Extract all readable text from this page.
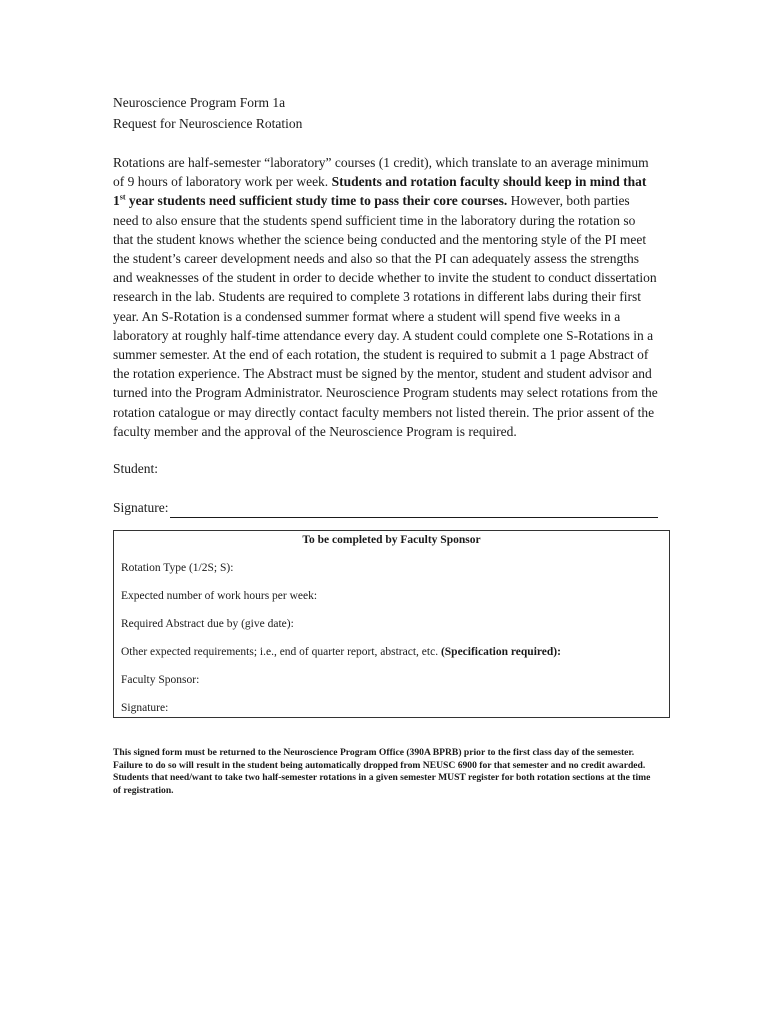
Neuroscience Program Form 1a

Request for Neuroscience Rotation

Rotations are half-semester “laboratory” courses (1 credit), which translate to an average minimum of 9 hours of laboratory work per week. Students and rotation faculty should keep in mind that 1st year students need sufficient study time to pass their core courses. However, both parties need to also ensure that the students spend sufficient time in the laboratory during the rotation so that the student knows whether the science being conducted and the mentoring style of the PI meet the student’s career development needs and also so that the PI can adequately assess the strengths and weaknesses of the student in order to decide whether to invite the student to conduct dissertation research in the lab. Students are required to complete 3 rotations in different labs during their first year. An S-Rotation is a condensed summer format where a student will spend five weeks in a laboratory at roughly half-time attendance every day. A student could complete one S-Rotations in a summer semester. At the end of each rotation, the student is required to submit a 1 page Abstract of the rotation experience. The Abstract must be signed by the mentor, student and student advisor and turned into the Program Administrator. Neuroscience Program students may select rotations from the rotation catalogue or may directly contact faculty members not listed therein. The prior assent of the faculty member and the approval of the Neuroscience Program is required.

Student:

Signature:

To be completed by Faculty Sponsor

Rotation Type (1/2S; S):

Expected number of work hours per week:

Required Abstract due by (give date):

Other expected requirements; i.e., end of quarter report, abstract, etc. (Specification required):

Faculty Sponsor:

Signature:

This signed form must be returned to the Neuroscience Program Office (390A BPRB) prior to the first class day of the semester. Failure to do so will result in the student being automatically dropped from NEUSC 6900 for that semester and no credit awarded. Students that need/want to take two half-semester rotations in a given semester MUST register for both rotation sections at the time of registration.
